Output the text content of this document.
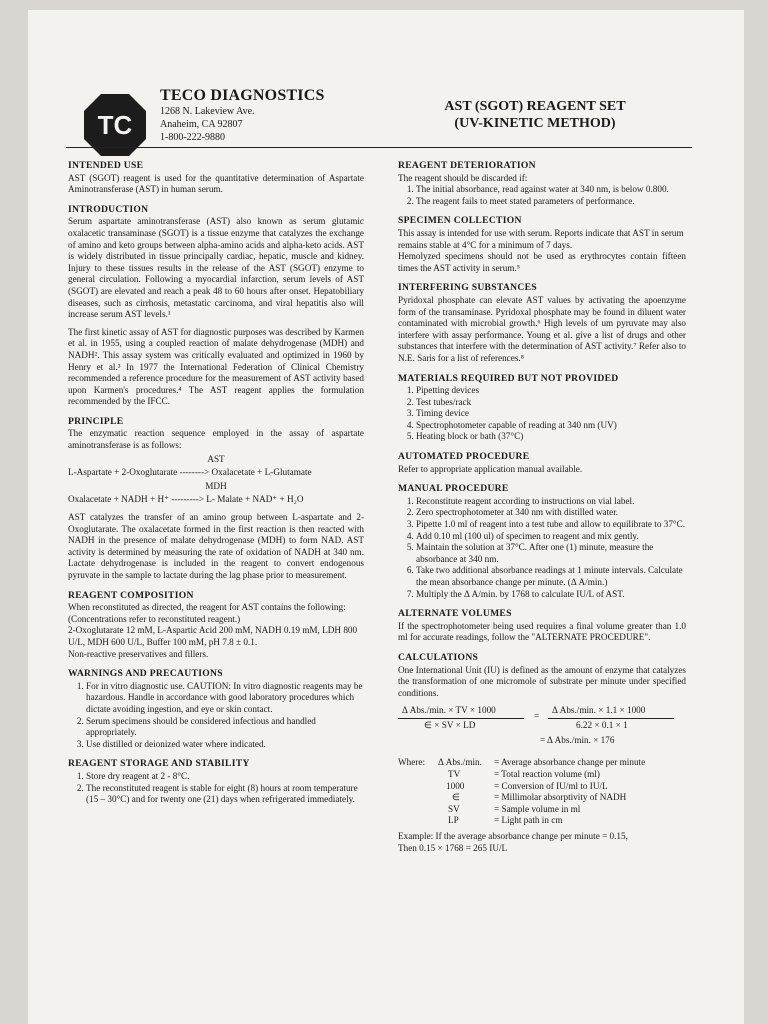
TC
TECO DIAGNOSTICS
1268 N. Lakeview Ave.
Anaheim, CA 92807
1-800-222-9880
AST (SGOT) REAGENT SET
(UV-KINETIC METHOD)
INTENDED USE

AST (SGOT) reagent is used for the quantitative determination of Aspartate Aminotransferase (AST) in human serum.

INTRODUCTION

Serum aspartate aminotransferase (AST) also known as serum glutamic oxalacetic transaminase (SGOT) is a tissue enzyme that catalyzes the exchange of amino and keto groups between alpha-amino acids and alpha-keto acids. AST is widely distributed in tissue principally cardiac, hepatic, muscle and kidney. Injury to these tissues results in the release of the AST (SGOT) enzyme to general circulation. Following a myocardial infarction, serum levels of AST (SGOT) are elevated and reach a peak 48 to 60 hours after onset. Hepatobiliary diseases, such as cirrhosis, metastatic carcinoma, and viral hepatitis also will increase serum AST levels.¹

The first kinetic assay of AST for diagnostic purposes was described by Karmen et al. in 1955, using a coupled reaction of malate dehydrogenase (MDH) and NADH². This assay system was critically evaluated and optimized in 1960 by Henry et al.³ In 1977 the International Federation of Clinical Chemistry recommended a reference procedure for the measurement of AST activity based upon Karmen's procedures.⁴ The AST reagent applies the formulation recommended by the IFCC.

PRINCIPLE

The enzymatic reaction sequence employed in the assay of aspartate aminotransferase is as follows:

AST
L-Aspartate + 2-Oxoglutarate --------> Oxalacetate + L-Glutamate
MDH
Oxalacetate + NADH + H⁺ ---------> L- Malate + NAD⁺ + H₂O

AST catalyzes the transfer of an amino group between L-aspartate and 2-Oxoglutarate. The oxalacetate formed in the first reaction is then reacted with NADH in the presence of malate dehydrogenase (MDH) to form NAD. AST activity is determined by measuring the rate of oxidation of NADH at 340 nm. Lactate dehydrogenase is included in the reagent to convert endogenous pyruvate in the sample to lactate during the lag phase prior to measurement.

REAGENT COMPOSITION
When reconstituted as directed, the reagent for AST contains the following: (Concentrations refer to reconstituted reagent.)
2-Oxoglutarate 12 mM, L-Aspartic Acid 200 mM, NADH 0.19 mM, LDH 800 U/L, MDH 600 U/L, Buffer 100 mM, pH 7.8 ± 0.1.
Non-reactive preservatives and fillers.
WARNINGS AND PRECAUTIONS
1. For in vitro diagnostic use. CAUTION: In vitro diagnostic reagents may be hazardous. Handle in accordance with good laboratory procedures which dictate avoiding ingestion, and eye or skin contact.
2. Serum specimens should be considered infectious and handled appropriately.
3. Use distilled or deionized water where indicated.
REAGENT STORAGE AND STABILITY
1. Store dry reagent at 2 - 8°C.
2. The reconstituted reagent is stable for eight (8) hours at room temperature (15 – 30°C) and for twenty one (21) days when refrigerated immediately.
REAGENT DETERIORATION
The reagent should be discarded if:
1. The initial absorbance, read against water at 340 nm, is below 0.800.
2. The reagent fails to meet stated parameters of performance.
SPECIMEN COLLECTION
This assay is intended for use with serum. Reports indicate that AST in serum remains stable at 4°C for a minimum of 7 days.

Hemolyzed specimens should not be used as erythrocytes contain fifteen times the AST activity in serum.⁵

INTERFERING SUBSTANCES

Pyridoxal phosphate can elevate AST values by activating the apoenzyme form of the transaminase. Pyridoxal phosphate may be found in diluent water contaminated with microbial growth.⁶ High levels of um pyruvate may also interfere with assay performance. Young et al. give a list of drugs and other substances that interfere with the determination of AST activity.⁷ Refer also to N.E. Saris for a list of references.⁸

MATERIALS REQUIRED BUT NOT PROVIDED
1. Pipetting devices
2. Test tubes/rack
3. Timing device
4. Spectrophotometer capable of reading at 340 nm (UV)
5. Heating block or bath (37°C)
AUTOMATED PROCEDURE

Refer to appropriate application manual available.

MANUAL PROCEDURE
1. Reconstitute reagent according to instructions on vial label.
2. Zero spectrophotometer at 340 nm with distilled water.
3. Pipette 1.0 ml of reagent into a test tube and allow to equilibrate to 37°C.
4. Add 0.10 ml (100 ul) of specimen to reagent and mix gently.
5. Maintain the solution at 37°C. After one (1) minute, measure the absorbance at 340 nm.
6. Take two additional absorbance readings at 1 minute intervals. Calculate the mean absorbance change per minute. (Δ A/min.)
7. Multiply the Δ A/min. by 1768 to calculate IU/L of AST.
ALTERNATE VOLUMES

If the spectrophotometer being used requires a final volume greater than 1.0 ml for accurate readings, follow the "ALTERNATE PROCEDURE".

CALCULATIONS

One International Unit (IU) is defined as the amount of enzyme that catalyzes the transformation of one micromole of substrate per minute under specified conditions.

Δ Abs./min. × TV × 1000
∈ × SV × LD
=
Δ Abs./min. × 1.1 × 1000
6.22 × 0.1 × 1
= Δ Abs./min. × 176
Where:	Δ Abs./min.	= Average absorbance change per minute
TV	= Total reaction volume (ml)
1000	= Conversion of IU/ml to IU/L
∈	= Millimolar absorptivity of NADH
SV	= Sample volume in ml
LP	= Light path in cm
Example: If the average absorbance change per minute = 0.15,
Then 0.15 × 1768 = 265 IU/L
